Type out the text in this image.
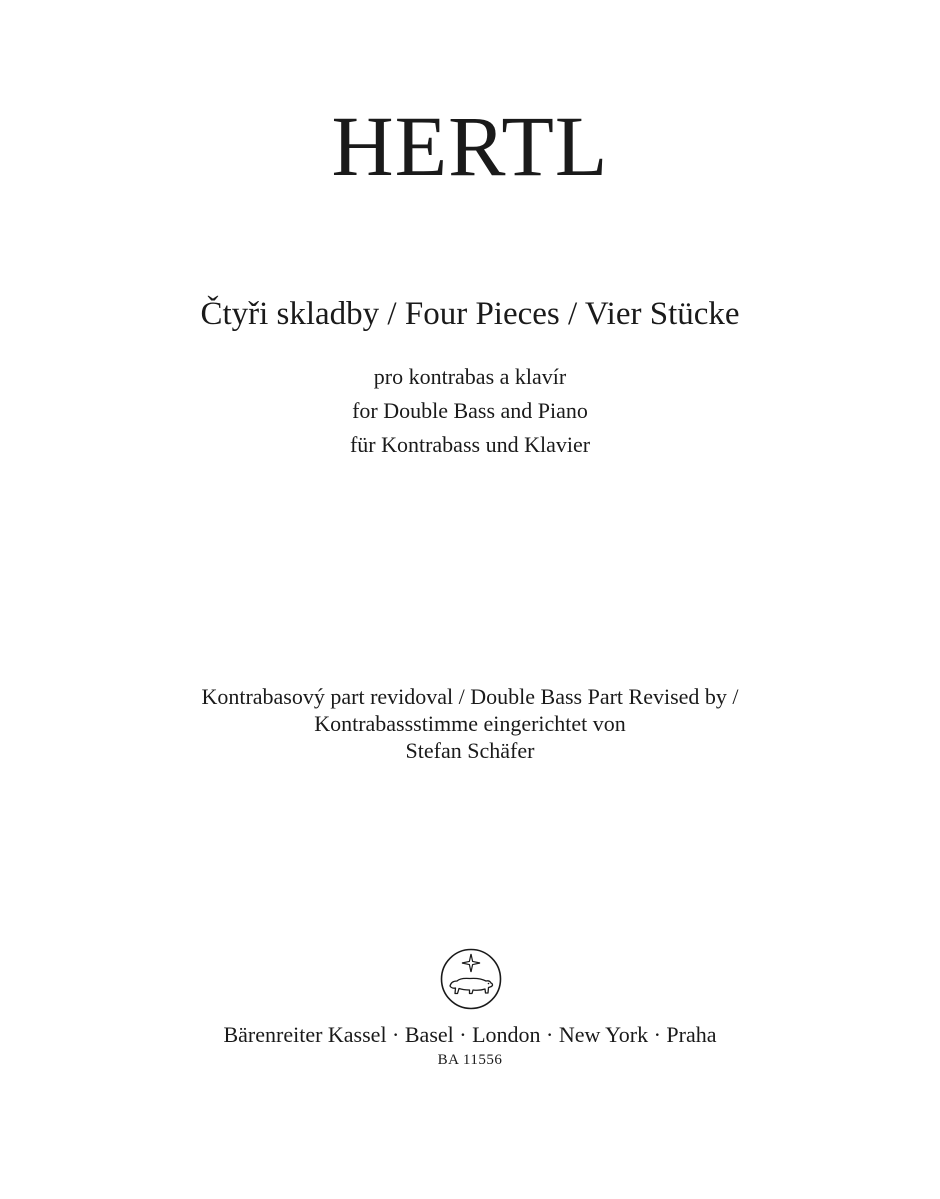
HERTL
Čtyři skladby / Four Pieces / Vier Stücke
pro kontrabas a klavír
for Double Bass and Piano
für Kontrabass und Klavier
Kontrabasový part revidoval / Double Bass Part Revised by /
Kontrabassstimme eingerichtet von
Stefan Schäfer
Bärenreiter Kassel · Basel · London · New York · Praha
BA 11556
